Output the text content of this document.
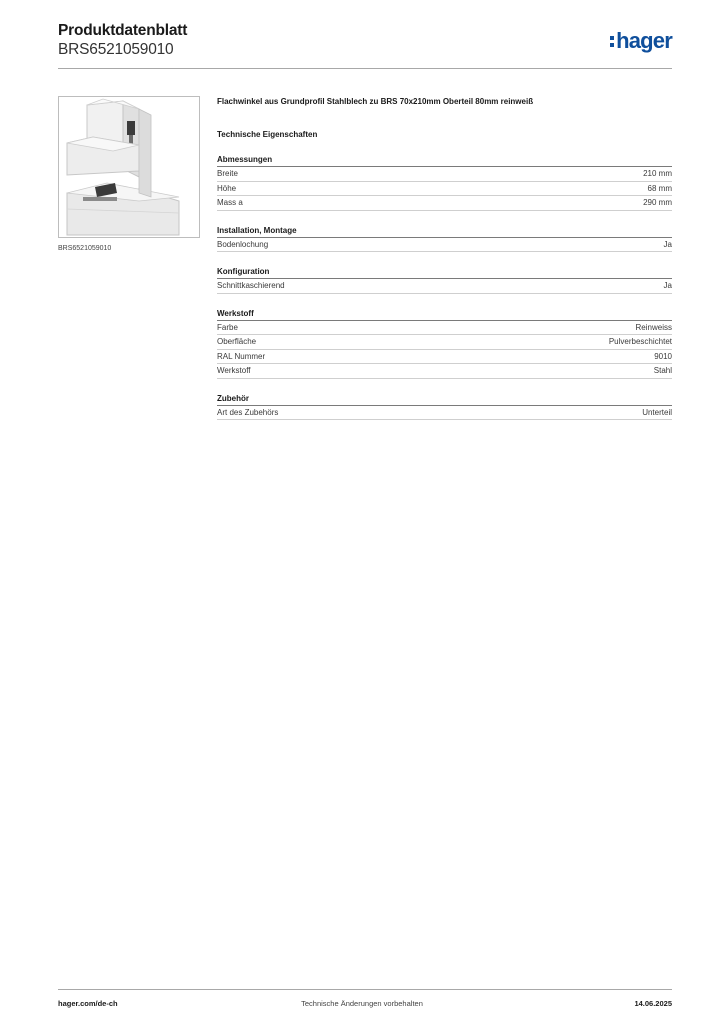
Produktdatenblatt
BRS6521059010	hager
BRS6521059010
Flachwinkel aus Grundprofil Stahlblech zu BRS 70x210mm Oberteil 80mm reinweiß
Technische Eigenschaften
Abmessungen
Breite	210 mm
Höhe	68 mm
Mass a	290 mm
Installation, Montage
Bodenlochung	Ja
Konfiguration
Schnittkaschierend	Ja
Werkstoff
Farbe	Reinweiss
Oberfläche	Pulverbeschichtet
RAL Nummer	9010
Werkstoff	Stahl
Zubehör
Art des Zubehörs	Unterteil
hager.com/de-ch	Technische Änderungen vorbehalten	14.06.2025
